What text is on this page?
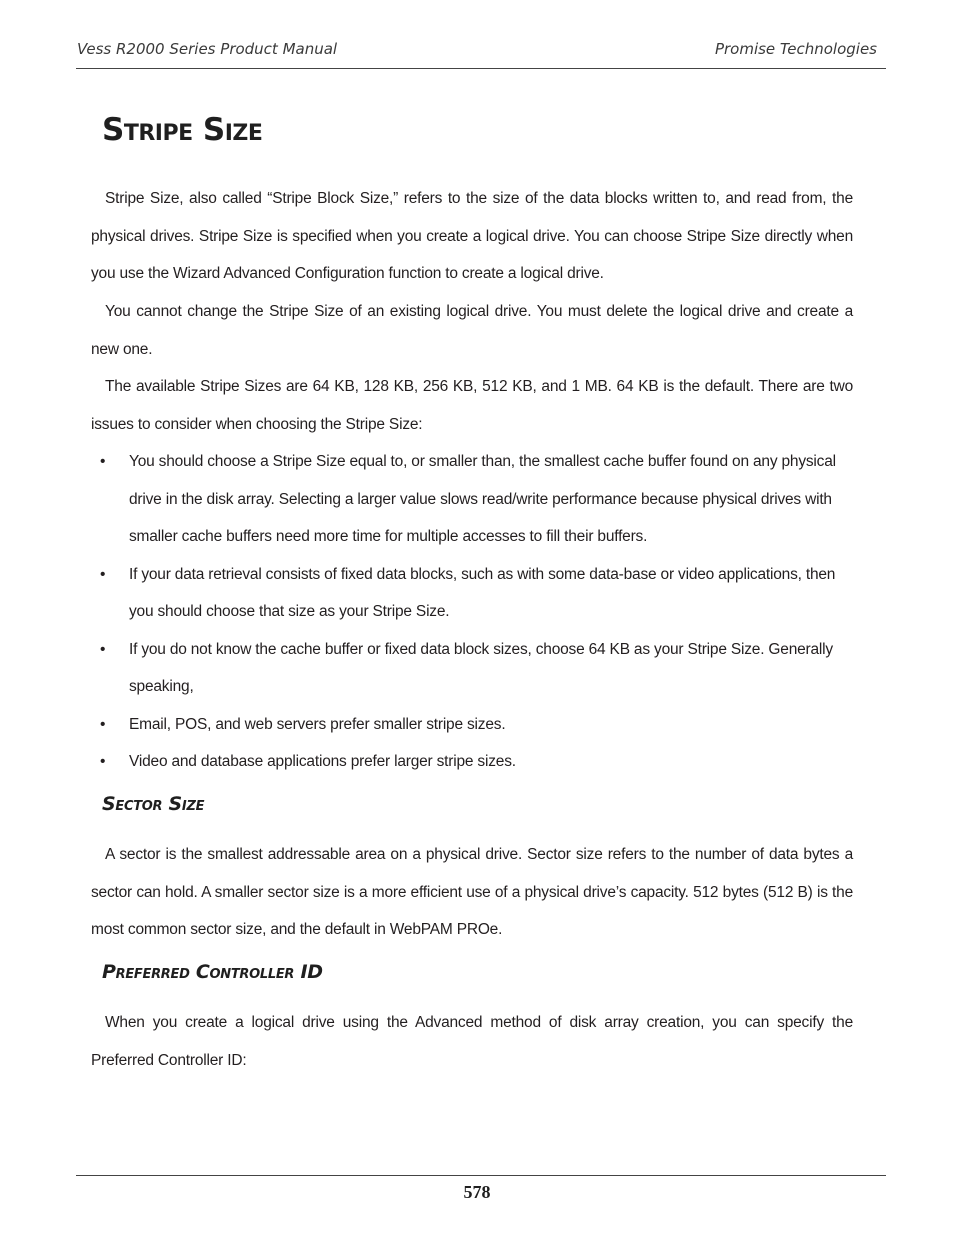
Vess R2000 Series Product Manual	Promise Technologies
Stripe Size

Stripe Size, also called “Stripe Block Size,” refers to the size of the data blocks written to, and read from, the physical drives. Stripe Size is specified when you create a logical drive. You can choose Stripe Size directly when you use the Wizard Advanced Configuration function to create a logical drive.

You cannot change the Stripe Size of an existing logical drive. You must delete the logical drive and create a new one.

The available Stripe Sizes are 64 KB, 128 KB, 256 KB, 512 KB, and 1 MB. 64 KB is the default. There are two issues to consider when choosing the Stripe Size:

• You should choose a Stripe Size equal to, or smaller than, the smallest cache buffer found on any physical drive in the disk array. Selecting a larger value slows read/write performance because physical drives with smaller cache buffers need more time for multiple accesses to fill their buffers.
• If your data retrieval consists of fixed data blocks, such as with some data-base or video applications, then you should choose that size as your Stripe Size.
• If you do not know the cache buffer or fixed data block sizes, choose 64 KB as your Stripe Size. Generally speaking,
• Email, POS, and web servers prefer smaller stripe sizes.
• Video and database applications prefer larger stripe sizes.
Sector Size

A sector is the smallest addressable area on a physical drive. Sector size refers to the number of data bytes a sector can hold. A smaller sector size is a more efficient use of a physical drive’s capacity. 512 bytes (512 B) is the most common sector size, and the default in WebPAM PROe.

Preferred Controller ID

When you create a logical drive using the Advanced method of disk array creation, you can specify the Preferred Controller ID:

578
